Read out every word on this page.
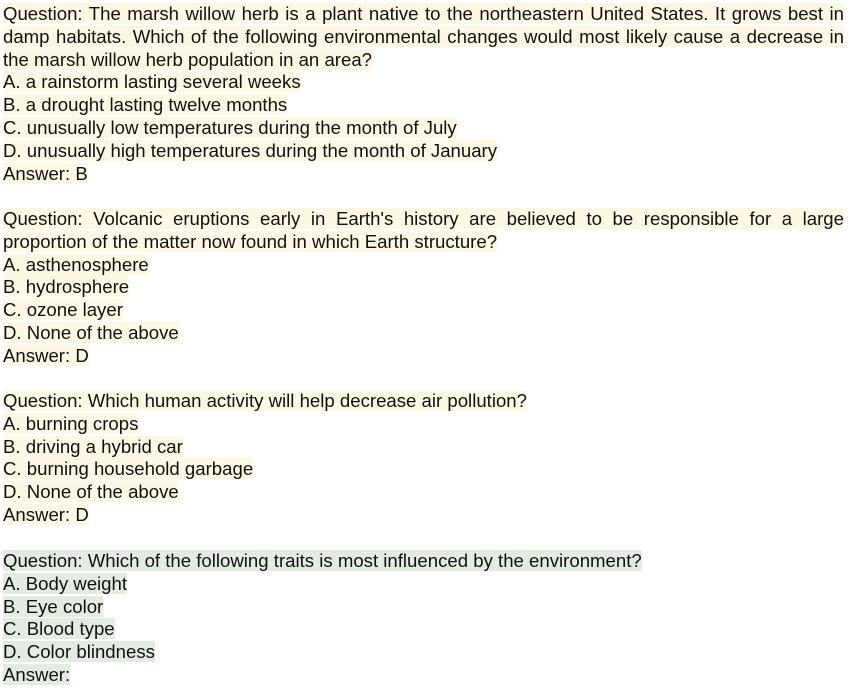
Question: The marsh willow herb is a plant native to the northeastern United States. It grows best in damp habitats. Which of the following environmental changes would most likely cause a decrease in the marsh willow herb population in an area?
A. a rainstorm lasting several weeks
B. a drought lasting twelve months
C. unusually low temperatures during the month of July
D. unusually high temperatures during the month of January
Answer: B
Question: Volcanic eruptions early in Earth's history are believed to be responsible for a large proportion of the matter now found in which Earth structure?
A. asthenosphere
B. hydrosphere
C. ozone layer
D. None of the above
Answer: D
Question: Which human activity will help decrease air pollution?
A. burning crops
B. driving a hybrid car
C. burning household garbage
D. None of the above
Answer: D
Question: Which of the following traits is most influenced by the environment?
A. Body weight
B. Eye color
C. Blood type
D. Color blindness
Answer:
